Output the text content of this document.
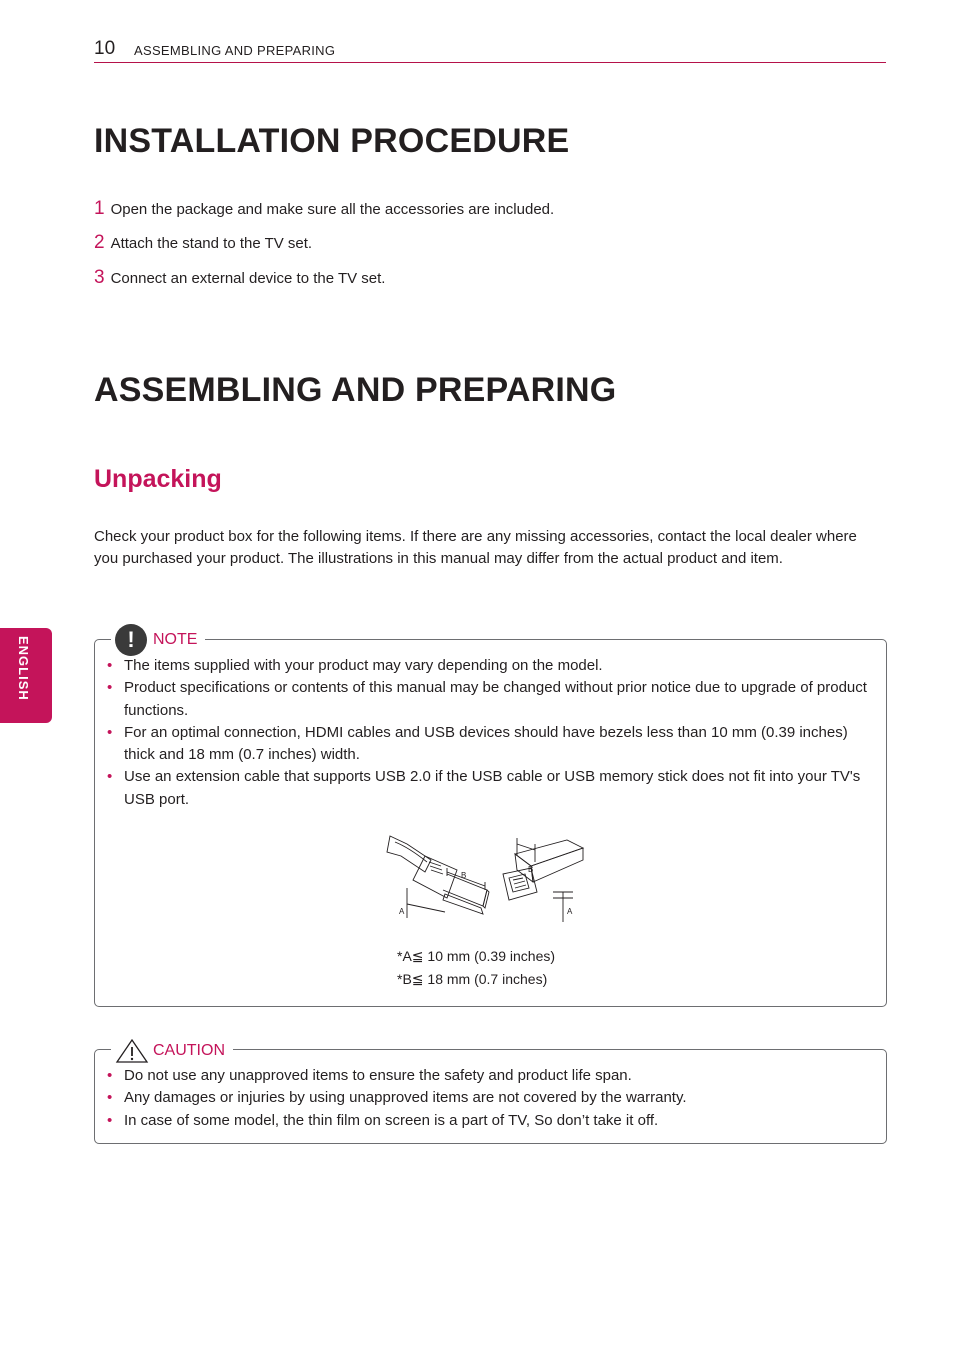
10 ASSEMBLING AND PREPARING
INSTALLATION PROCEDURE
1 Open the package and make sure all the accessories are included.
2 Attach the stand to the TV set.
3 Connect an external device to the TV set.
ASSEMBLING AND PREPARING
Unpacking

Check your product box for the following items. If there are any missing accessories, contact the local dealer where you purchased your product. The illustrations in this manual may differ from the actual product and item.

ENGLISH	!	NOTE
• The items supplied with your product may vary depending on the model.
• Product specifications or contents of this manual may be changed without prior notice due to upgrade of product functions.
• For an optimal connection, HDMI cables and USB devices should have bezels less than 10 mm (0.39 inches) thick and 18 mm (0.7 inches) width.
• Use an extension cable that supports USB 2.0 if the USB cable or USB memory stick does not fit into your TV's USB port.
A
B
B
A
*A≦ 10 mm (0.39 inches)
*B≦ 18 mm (0.7 inches)
CAUTION
• Do not use any unapproved items to ensure the safety and product life span.
• Any damages or injuries by using unapproved items are not covered by the warranty.
• In case of some model, the thin film on screen is a part of TV, So don’t take it off.
